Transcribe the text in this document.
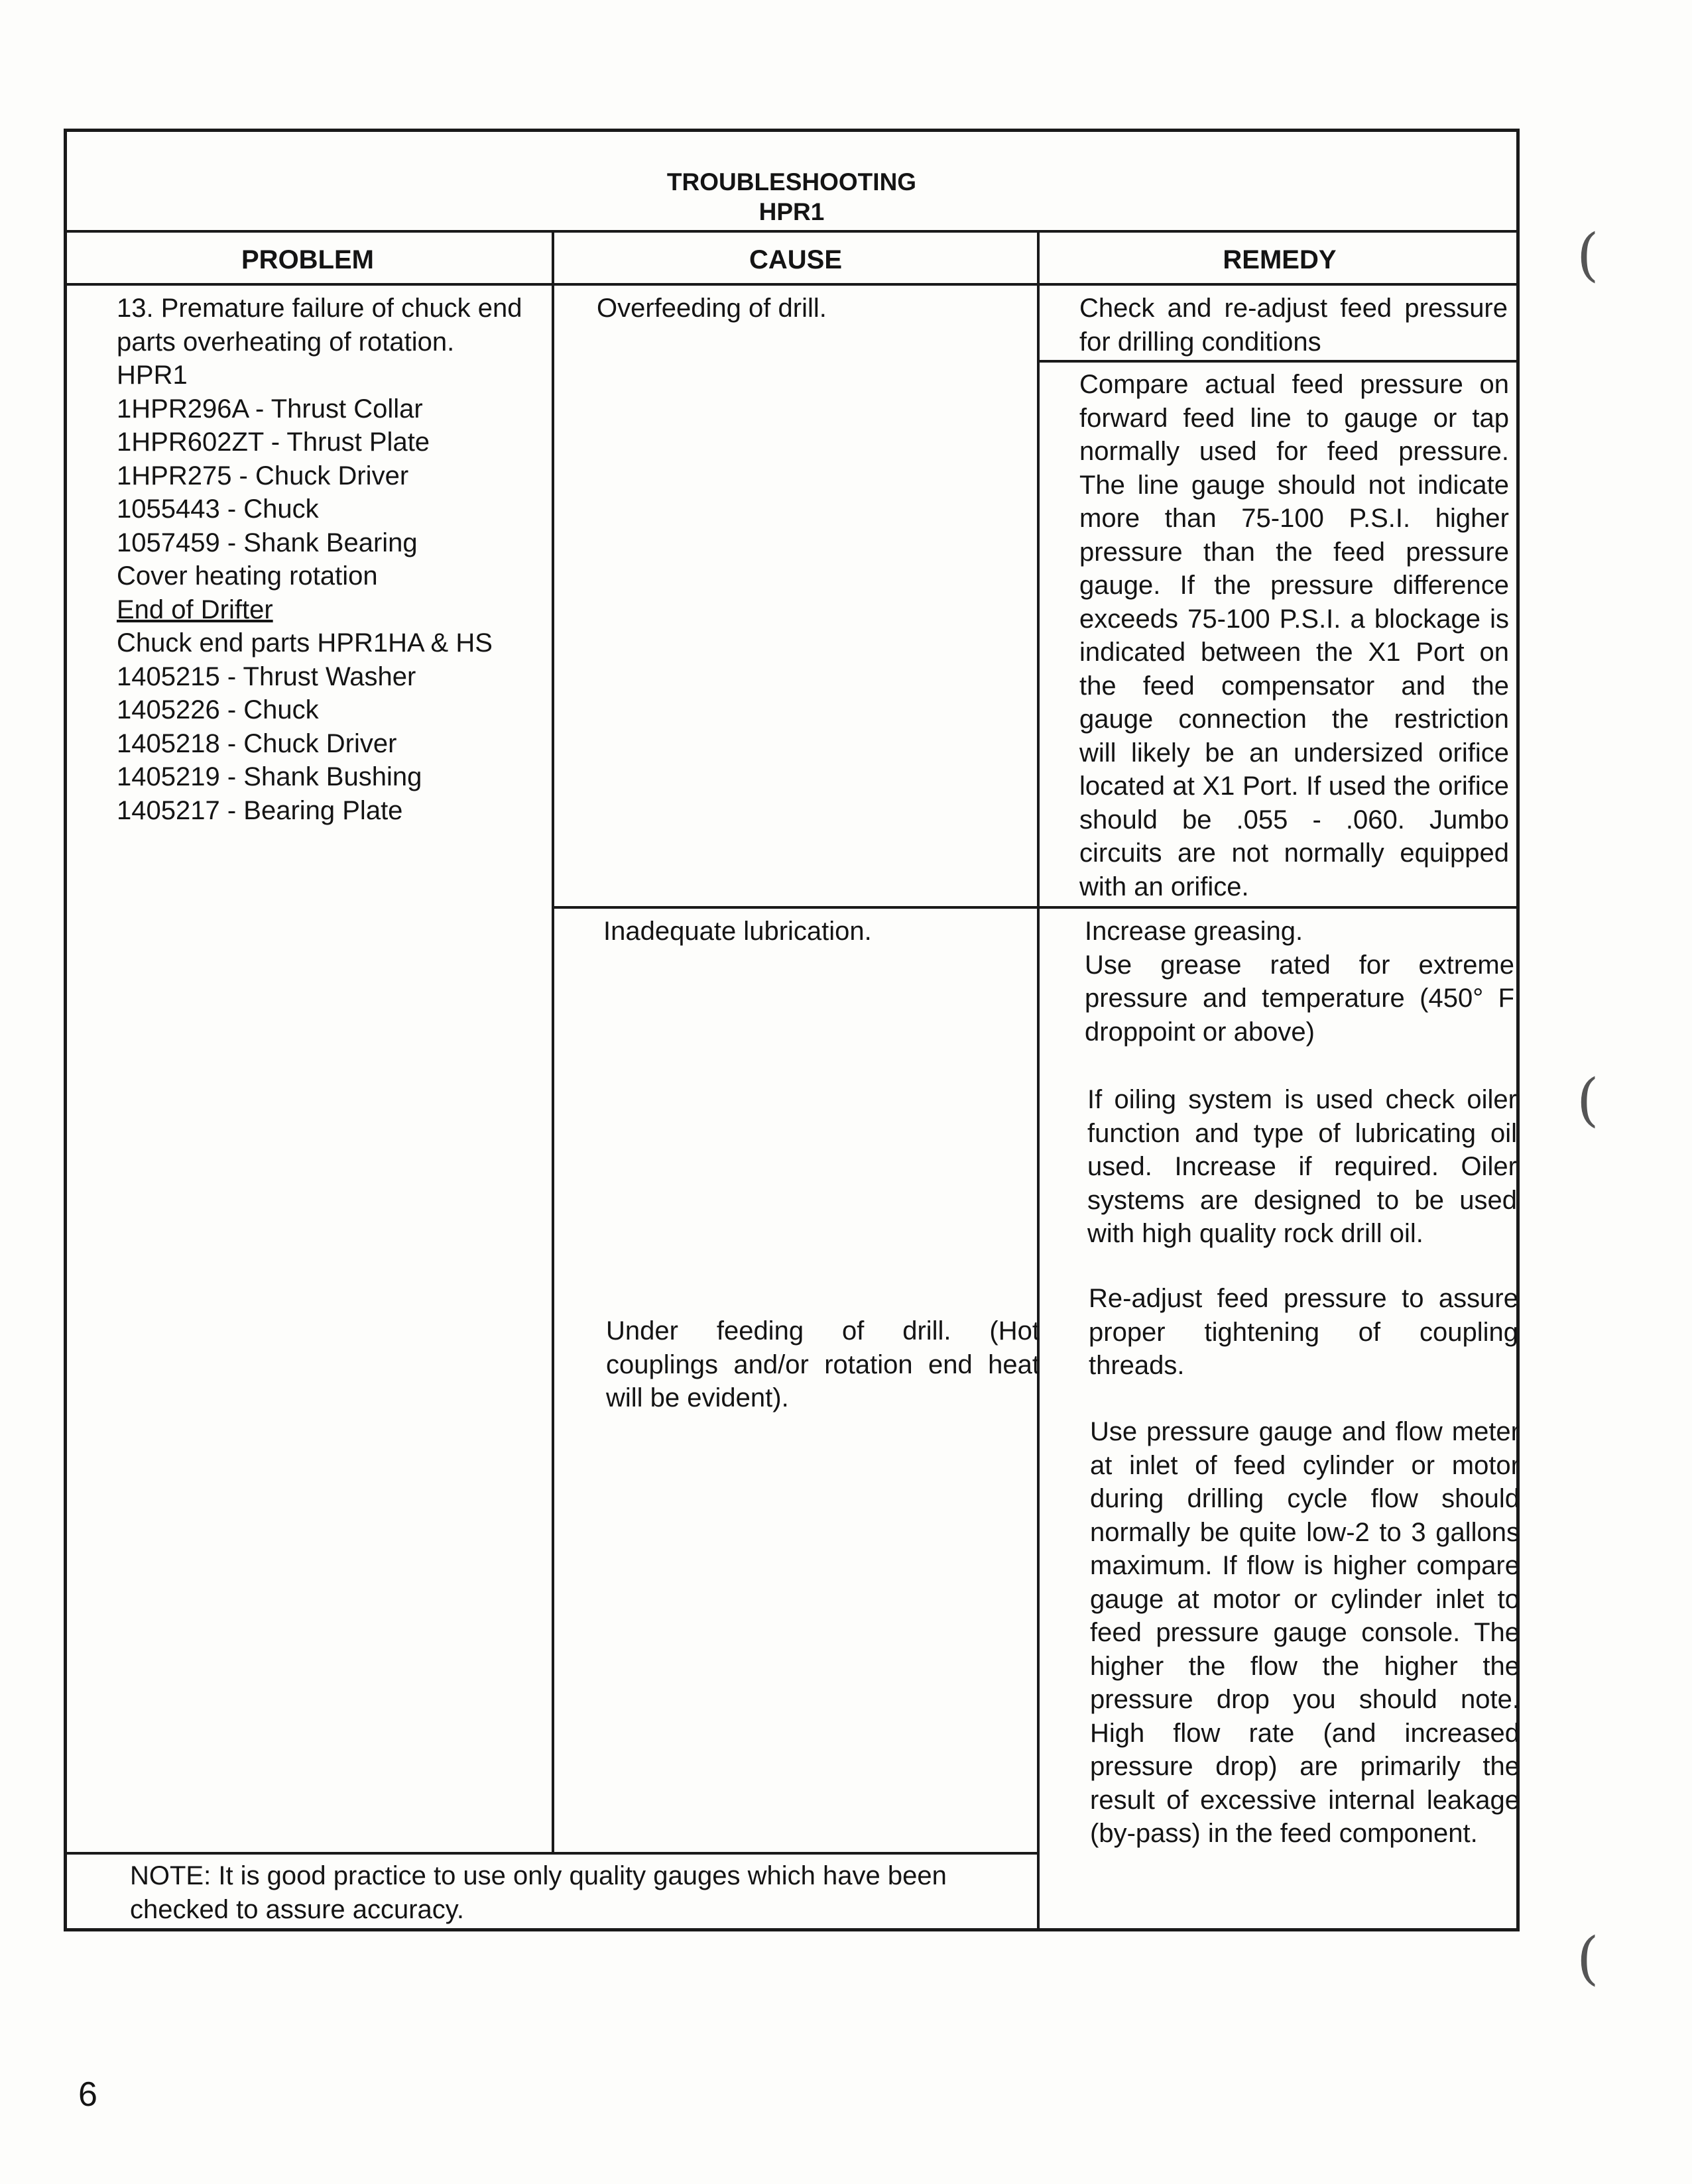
TROUBLESHOOTING
HPR1
PROBLEM	CAUSE	REMEDY
13. Premature failure of chuck end
parts overheating of rotation.
HPR1
1HPR296A - Thrust Collar
1HPR602ZT - Thrust Plate
1HPR275 - Chuck Driver
1055443 - Chuck
1057459 - Shank Bearing
Cover heating rotation
End of Drifter
Chuck end parts HPR1HA & HS
1405215 - Thrust Washer
1405226 - Chuck
1405218 - Chuck Driver
1405219 - Shank Bushing
1405217 - Bearing Plate
Overfeeding of drill.
Inadequate lubrication.
Under feeding of drill. (Hot
couplings and/or rotation end heat
will be evident).
Check and re-adjust feed pressure
for drilling conditions
Compare actual feed pressure on
forward feed line to gauge or tap
normally used for feed pressure.
The line gauge should not indicate
more than 75-100 P.S.I. higher
pressure than the feed pressure
gauge. If the pressure difference
exceeds 75-100 P.S.I. a blockage is
indicated between the X1 Port on
the feed compensator and the
gauge connection the restriction
will likely be an undersized orifice
located at X1 Port. If used the orifice
should be .055 - .060. Jumbo
circuits are not normally equipped
with an orifice.
Increase greasing.
Use grease rated for extreme
pressure and temperature (450° F
droppoint or above)
If oiling system is used check oiler
function and type of lubricating oil
used. Increase if required. Oiler
systems are designed to be used
with high quality rock drill oil.
Re-adjust feed pressure to assure
proper tightening of coupling
threads.
Use pressure gauge and flow meter
at inlet of feed cylinder or motor
during drilling cycle flow should
normally be quite low-2 to 3 gallons
maximum. If flow is higher compare
gauge at motor or cylinder inlet to
feed pressure gauge console. The
higher the flow the higher the
pressure drop you should note.
High flow rate (and increased
pressure drop) are primarily the
result of excessive internal leakage
(by-pass) in the feed component.
NOTE: It is good practice to use only quality gauges which have been
checked to assure accuracy.
6
(
(
(
